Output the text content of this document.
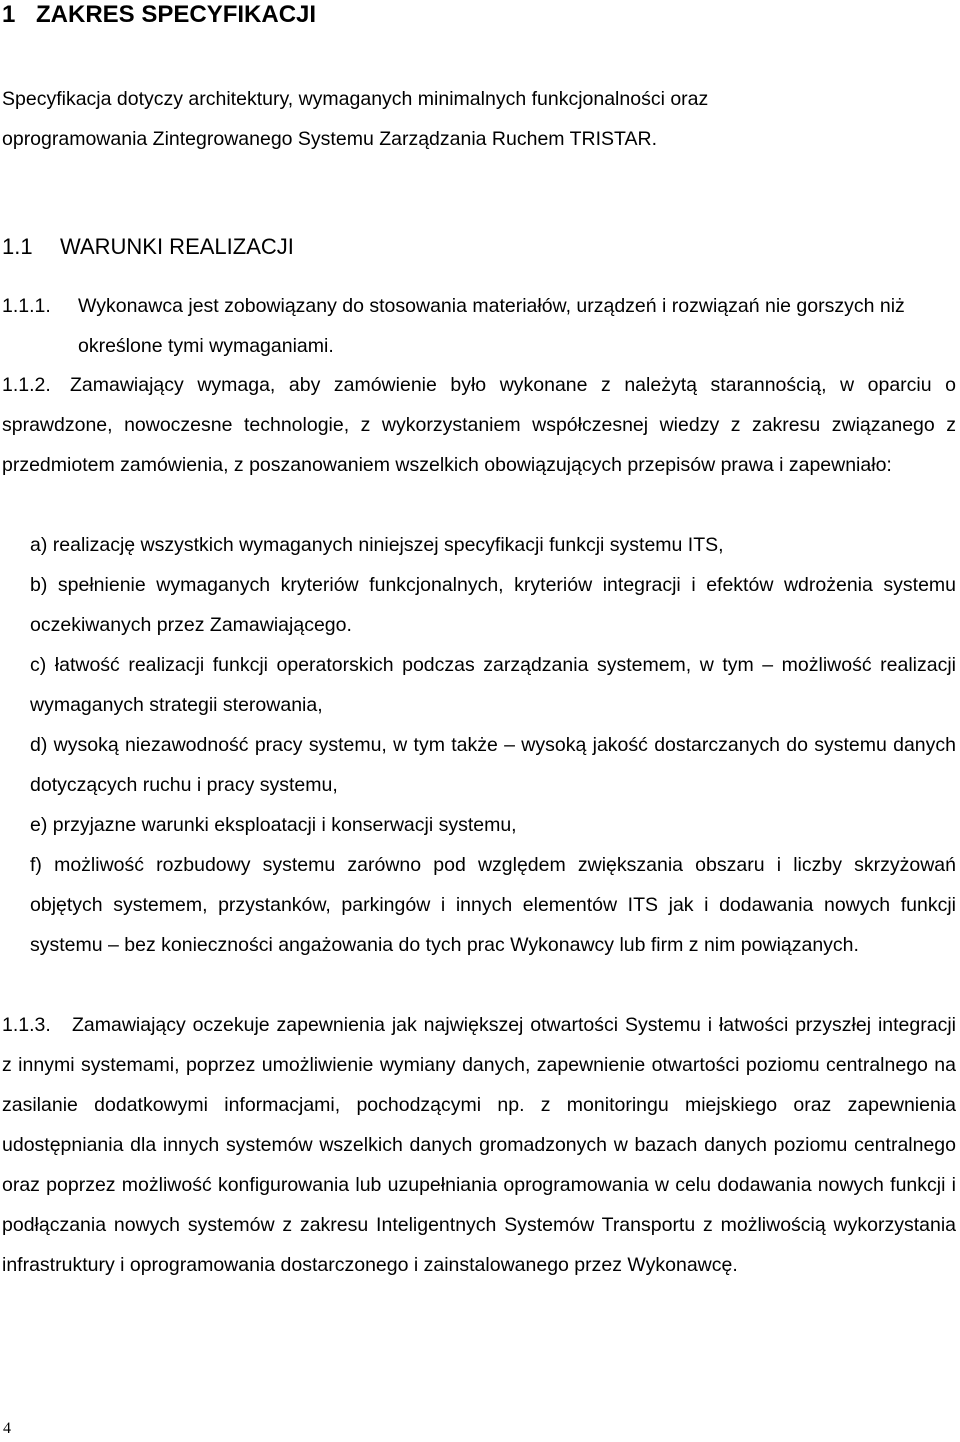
1 ZAKRES SPECYFIKACJI
Specyfikacja dotyczy architektury, wymaganych minimalnych funkcjonalności oraz oprogramowania Zintegrowanego Systemu Zarządzania Ruchem TRISTAR.
1.1 WARUNKI REALIZACJI
1.1.1. Wykonawca jest zobowiązany do stosowania materiałów, urządzeń i rozwiązań nie gorszych niż określone tymi wymaganiami.
1.1.2. Zamawiający wymaga, aby zamówienie było wykonane z należytą starannością, w oparciu o sprawdzone, nowoczesne technologie, z wykorzystaniem współczesnej wiedzy z zakresu związanego z przedmiotem zamówienia, z poszanowaniem wszelkich obowiązujących przepisów prawa i zapewniało:
a) realizację wszystkich wymaganych niniejszej specyfikacji funkcji systemu ITS,
b) spełnienie wymaganych kryteriów funkcjonalnych, kryteriów integracji i efektów wdrożenia systemu oczekiwanych przez Zamawiającego.
c) łatwość realizacji funkcji operatorskich podczas zarządzania systemem, w tym – możliwość realizacji wymaganych strategii sterowania,
d) wysoką niezawodność pracy systemu, w tym także – wysoką jakość dostarczanych do systemu danych dotyczących ruchu i pracy systemu,
e) przyjazne warunki eksploatacji i konserwacji systemu,
f) możliwość rozbudowy systemu zarówno pod względem zwiększania obszaru i liczby skrzyżowań objętych systemem, przystanków, parkingów i innych elementów ITS jak i dodawania nowych funkcji systemu – bez konieczności angażowania do tych prac Wykonawcy lub firm z nim powiązanych.
1.1.3. Zamawiający oczekuje zapewnienia jak największej otwartości Systemu i łatwości przyszłej integracji z innymi systemami, poprzez umożliwienie wymiany danych, zapewnienie otwartości poziomu centralnego na zasilanie dodatkowymi informacjami, pochodzącymi np. z monitoringu miejskiego oraz zapewnienia udostępniania dla innych systemów wszelkich danych gromadzonych w bazach danych poziomu centralnego oraz poprzez możliwość konfigurowania lub uzupełniania oprogramowania w celu dodawania nowych funkcji i podłączania nowych systemów z zakresu Inteligentnych Systemów Transportu z możliwością wykorzystania infrastruktury i oprogramowania dostarczonego i zainstalowanego przez Wykonawcę.
4
